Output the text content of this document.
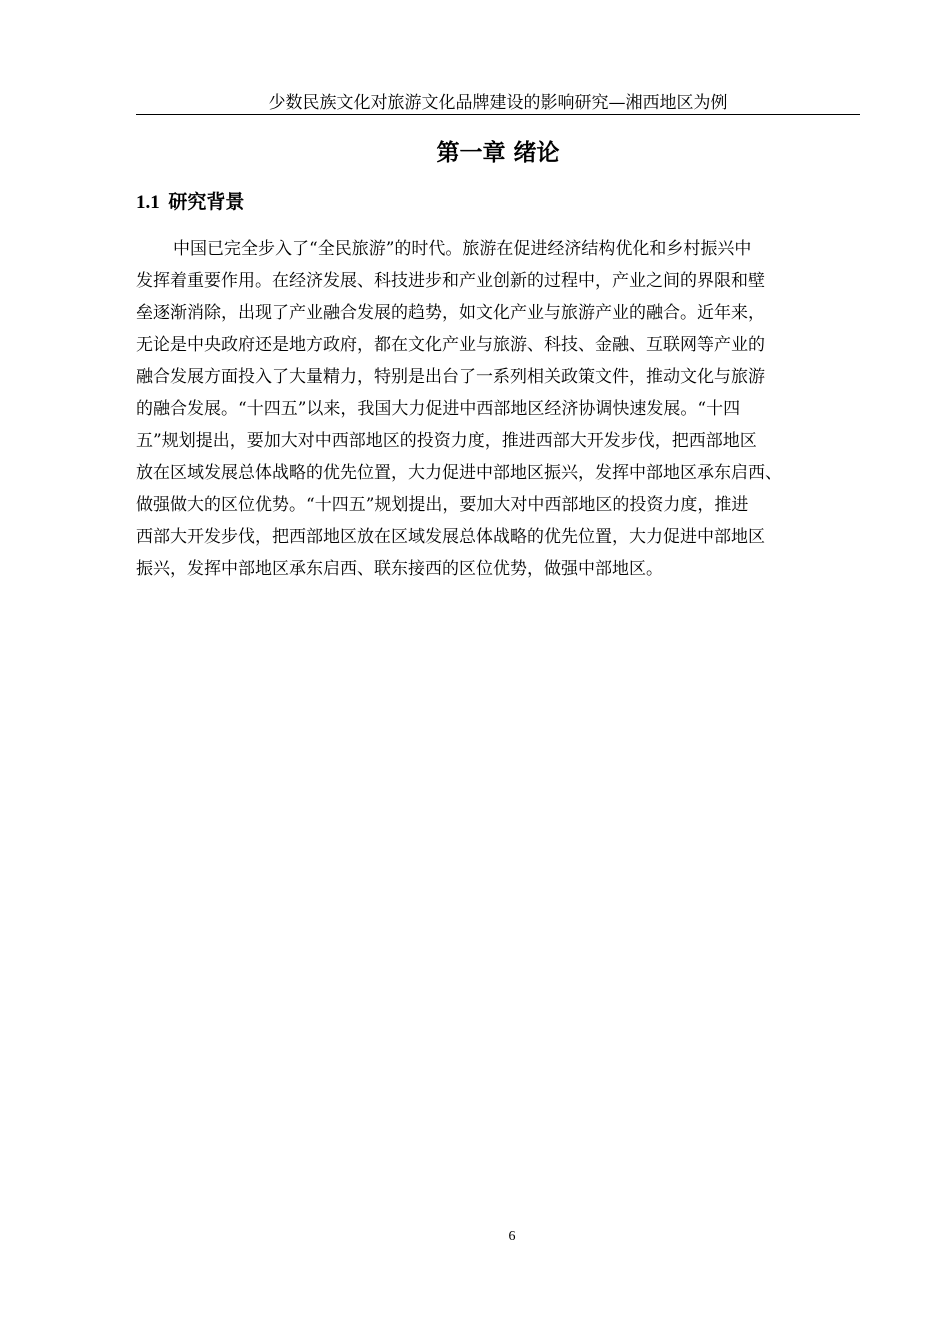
少数民族文化对旅游文化品牌建设的影响研究—湘西地区为例
第一章 绪论
1.1 研究背景
中国已完全步入了“全民旅游”的时代。旅游在促进经济结构优化和乡村振兴中
发挥着重要作用。在经济发展、科技进步和产业创新的过程中，产业之间的界限和壁
垒逐渐消除，出现了产业融合发展的趋势，如文化产业与旅游产业的融合。近年来，
无论是中央政府还是地方政府，都在文化产业与旅游、科技、金融、互联网等产业的
融合发展方面投入了大量精力，特别是出台了一系列相关政策文件，推动文化与旅游
的融合发展。“十四五”以来，我国大力促进中西部地区经济协调快速发展。“十四
五”规划提出，要加大对中西部地区的投资力度，推进西部大开发步伐，把西部地区
放在区域发展总体战略的优先位置，大力促进中部地区振兴，发挥中部地区承东启西、
做强做大的区位优势。“十四五”规划提出，要加大对中西部地区的投资力度，推进
西部大开发步伐，把西部地区放在区域发展总体战略的优先位置，大力促进中部地区
振兴，发挥中部地区承东启西、联东接西的区位优势，做强中部地区。
6
